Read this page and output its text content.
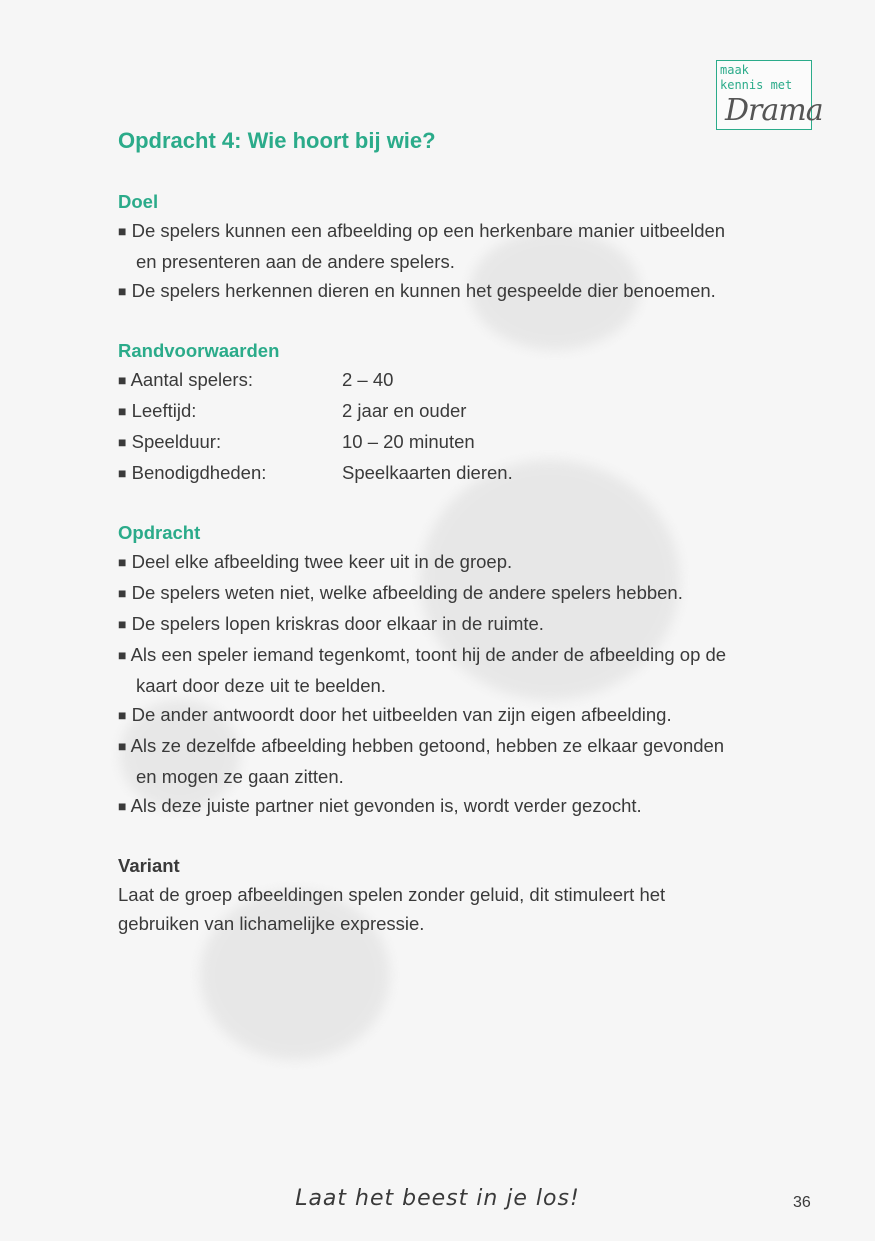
maak
kennis met
Drama
Opdracht 4: Wie hoort bij wie?
Doel
■ De spelers kunnen een afbeelding op een herkenbare manier uitbeelden
en presenteren aan de andere spelers.
■ De spelers herkennen dieren en kunnen het gespeelde dier benoemen.
Randvoorwaarden
■ Aantal spelers:	2 – 40
■ Leeftijd:	2 jaar en ouder
■ Speelduur:	10 – 20 minuten
■ Benodigdheden:	Speelkaarten dieren.
Opdracht
■ Deel elke afbeelding twee keer uit in de groep.
■ De spelers weten niet, welke afbeelding de andere spelers hebben.
■ De spelers lopen kriskras door elkaar in de ruimte.
■ Als een speler iemand tegenkomt, toont hij de ander de afbeelding op de
kaart door deze uit te beelden.
■ De ander antwoordt door het uitbeelden van zijn eigen afbeelding.
■ Als ze dezelfde afbeelding hebben getoond, hebben ze elkaar gevonden
en mogen ze gaan zitten.
■ Als deze juiste partner niet gevonden is, wordt verder gezocht.
Variant
Laat de groep afbeeldingen spelen zonder geluid, dit stimuleert het
gebruiken van lichamelijke expressie.
Laat het beest in je los!	36
